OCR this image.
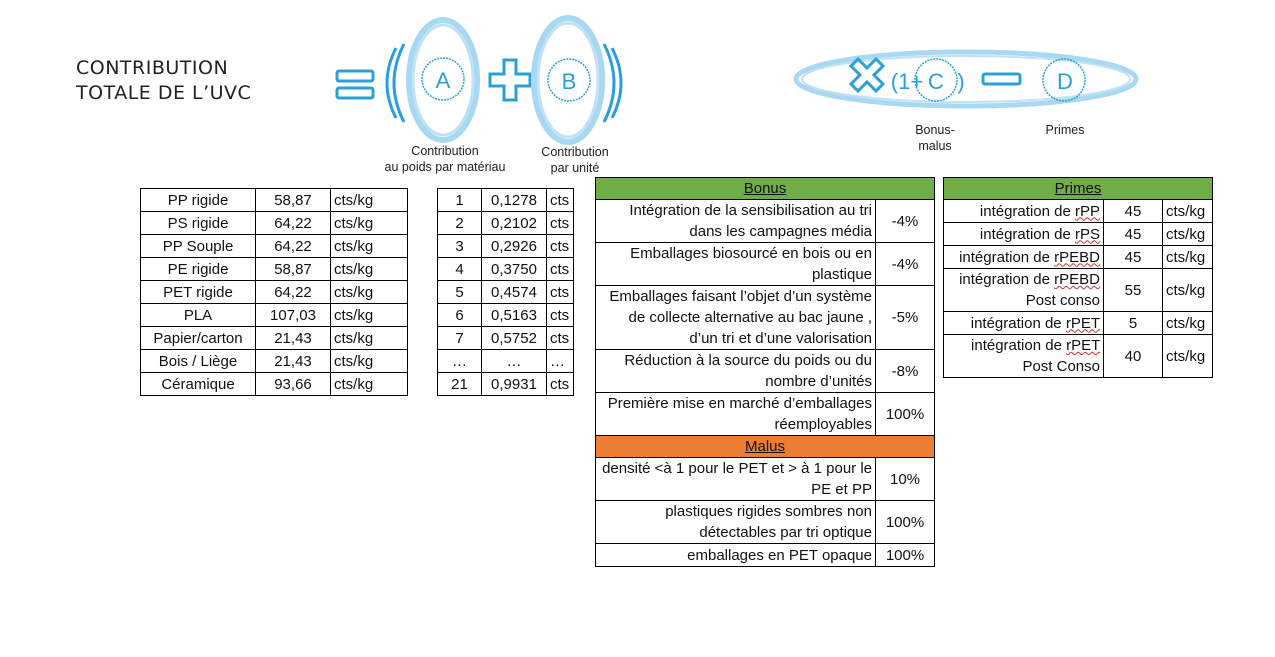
CONTRIBUTION
TOTALE DE L’UVC	A	B	(1+ C )	D
Contribution
au poids par matériau
Contribution
par unité
Bonus-
malus
Primes
PP rigide	58,87	cts/kg
PS rigide	64,22	cts/kg
PP Souple	64,22	cts/kg
PE rigide	58,87	cts/kg
PET rigide	64,22	cts/kg
PLA	107,03	cts/kg
Papier/carton	21,43	cts/kg
Bois / Liège	21,43	cts/kg
Céramique	93,66	cts/kg
1	0,1278	cts
2	0,2102	cts
3	0,2926	cts
4	0,3750	cts
5	0,4574	cts
6	0,5163	cts
7	0,5752	cts
…	…	…
21	0,9931	cts
Bonus	
Intégration de la sensibilisation au tri dans les campagnes média	-4%
Emballages biosourcé en bois ou en plastique	-4%
Emballages faisant l’objet d’un système de collecte alternative au bac jaune , d’un tri et d’une valorisation	-5%
Réduction à la source du poids ou du nombre d’unités	-8%
Première mise en marché d’emballages réemployables	100%
Malus	
densité <à 1 pour le PET et > à 1 pour le PE et PP	10%
plastiques rigides sombres non détectables par tri optique	100%
emballages en PET opaque	100%
Primes		
intégration de rPP	45	cts/kg
intégration de rPS	45	cts/kg
intégration de rPEBD	45	cts/kg
intégration de rPEBD Post conso	55	cts/kg
intégration de rPET	5	cts/kg
intégration de rPET Post Conso	40	cts/kg
